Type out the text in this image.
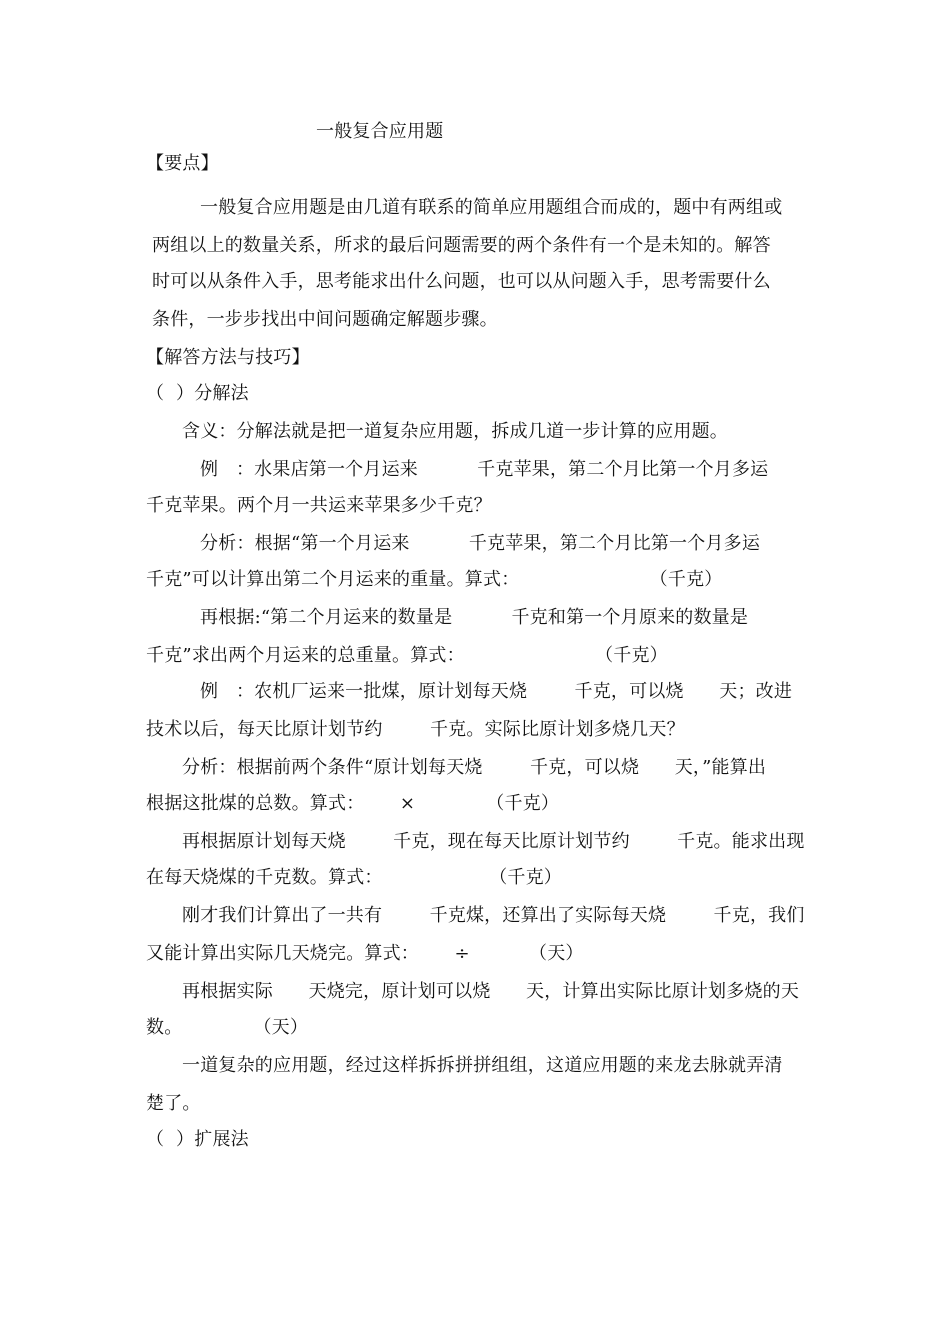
一般复合应用题
【要点】
一般复合应用题是由几道有联系的简单应用题组合而成的，题中有两组或
两组以上的数量关系，所求的最后问题需要的两个条件有一个是未知的。解答
时可以从条件入手，思考能求出什么问题，也可以从问题入手，思考需要什么
条件，一步步找出中间问题确定解题步骤。
【解答方法与技巧】
（  ）分解法
含义：分解法就是把一道复杂应用题，拆成几道一步计算的应用题。
例   ：水果店第一个月运来          千克苹果，第二个月比第一个月多运
千克苹果。两个月一共运来苹果多少千克？
分析：根据“第一个月运来          千克苹果，第二个月比第一个月多运
千克”可以计算出第二个月运来的重量。算式：                      （千克）
再根据:“第二个月运来的数量是          千克和第一个月原来的数量是
千克”求出两个月运来的总重量。算式：                      （千克）
例   ：农机厂运来一批煤，原计划每天烧        千克，可以烧      天；改进
技术以后，每天比原计划节约        千克。实际比原计划多烧几天？
分析：根据前两个条件“原计划每天烧        千克，可以烧      天，”能算出
根据这批煤的总数。算式：      ×            （千克）
再根据原计划每天烧        千克，现在每天比原计划节约        千克。能求出现
在每天烧煤的千克数。算式：                  （千克）
刚才我们计算出了一共有        千克煤，还算出了实际每天烧        千克，我们
又能计算出实际几天烧完。算式：      ÷          （天）
再根据实际      天烧完，原计划可以烧      天，计算出实际比原计划多烧的天
数。            （天）
一道复杂的应用题，经过这样拆拆拼拼组组，这道应用题的来龙去脉就弄清
楚了。
（  ）扩展法
